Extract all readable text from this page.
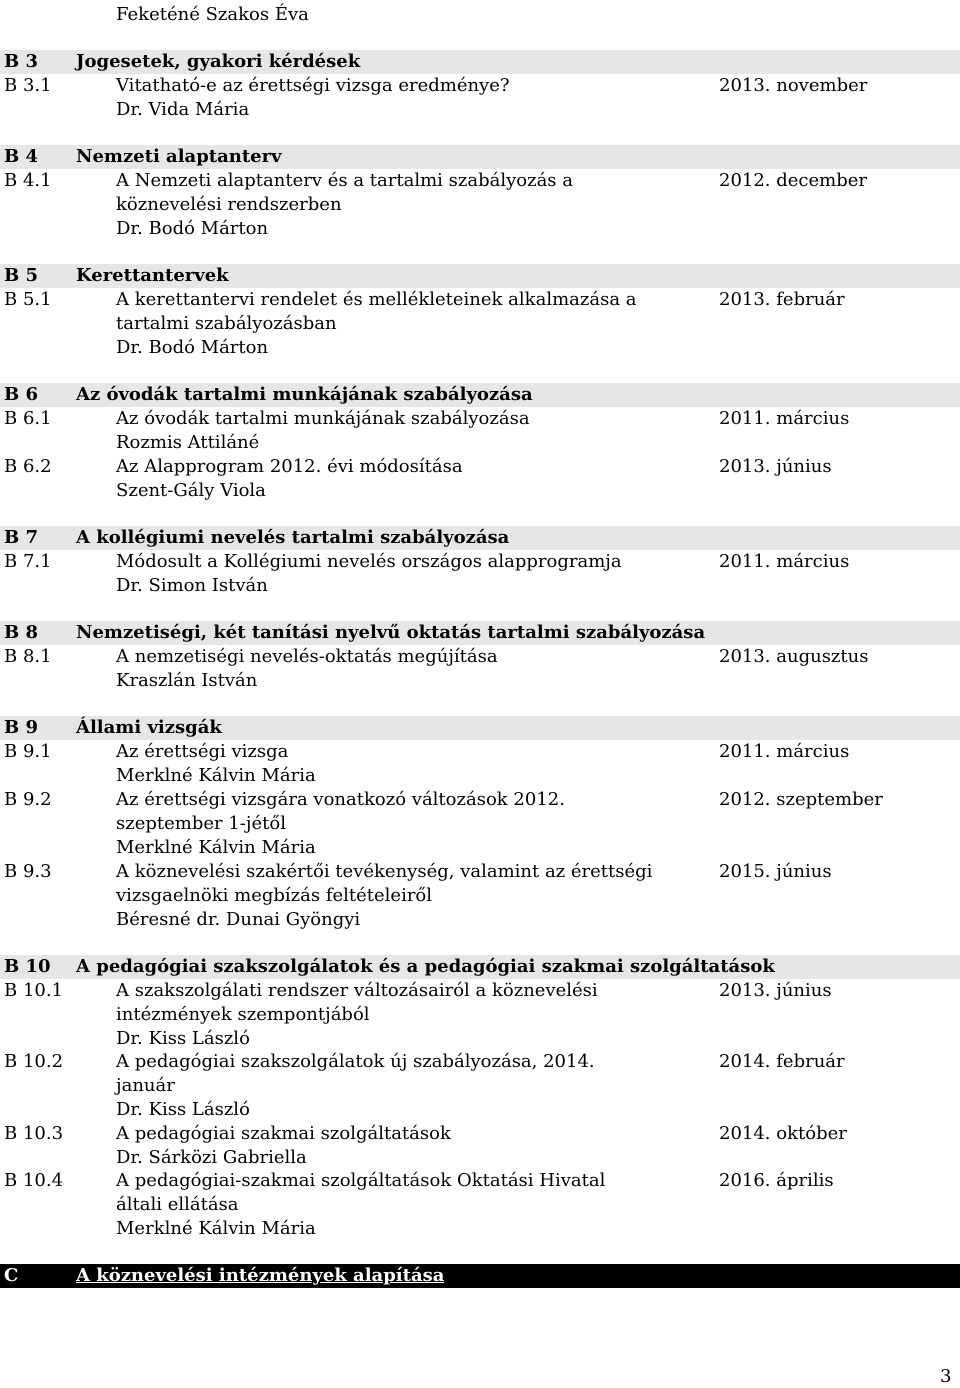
Feketéné Szakos Éva
B 3 Jogesetek, gyakori kérdések
B 3.1	Vitatható-e az érettségi vizsga eredménye?	2013. november
Dr. Vida Mária
B 4 Nemzeti alaptanterv
B 4.1	A Nemzeti alaptanterv és a tartalmi szabályozás a	2012. december
köznevelési rendszerben
Dr. Bodó Márton
B 5 Kerettantervek
B 5.1	A kerettantervi rendelet és mellékleteinek alkalmazása a	2013. február
tartalmi szabályozásban
Dr. Bodó Márton
B 6 Az óvodák tartalmi munkájának szabályozása
B 6.1	Az óvodák tartalmi munkájának szabályozása	2011. március
Rozmis Attiláné
B 6.2	Az Alapprogram 2012. évi módosítása	2013. június
Szent-Gály Viola
B 7 A kollégiumi nevelés tartalmi szabályozása
B 7.1	Módosult a Kollégiumi nevelés országos alapprogramja	2011. március
Dr. Simon István
B 8 Nemzetiségi, két tanítási nyelvű oktatás tartalmi szabályozása
B 8.1	A nemzetiségi nevelés-oktatás megújítása	2013. augusztus
Kraszlán István
B 9 Állami vizsgák
B 9.1	Az érettségi vizsga	2011. március
Merklné Kálvin Mária
B 9.2	Az érettségi vizsgára vonatkozó változások 2012.	2012. szeptember
szeptember 1-jétől
Merklné Kálvin Mária
B 9.3	A köznevelési szakértői tevékenység, valamint az érettségi	2015. június
vizsgaelnöki megbízás feltételeiről
Béresné dr. Dunai Gyöngyi
B 10 A pedagógiai szakszolgálatok és a pedagógiai szakmai szolgáltatások
B 10.1	A szakszolgálati rendszer változásairól a köznevelési	2013. június
intézmények szempontjából
Dr. Kiss László
B 10.2	A pedagógiai szakszolgálatok új szabályozása, 2014.	2014. február
január
Dr. Kiss László
B 10.3	A pedagógiai szakmai szolgáltatások	2014. október
Dr. Sárközi Gabriella
B 10.4	A pedagógiai-szakmai szolgáltatások Oktatási Hivatal	2016. április
általi ellátása
Merklné Kálvin Mária
C	A köznevelési intézmények alapítása
3
